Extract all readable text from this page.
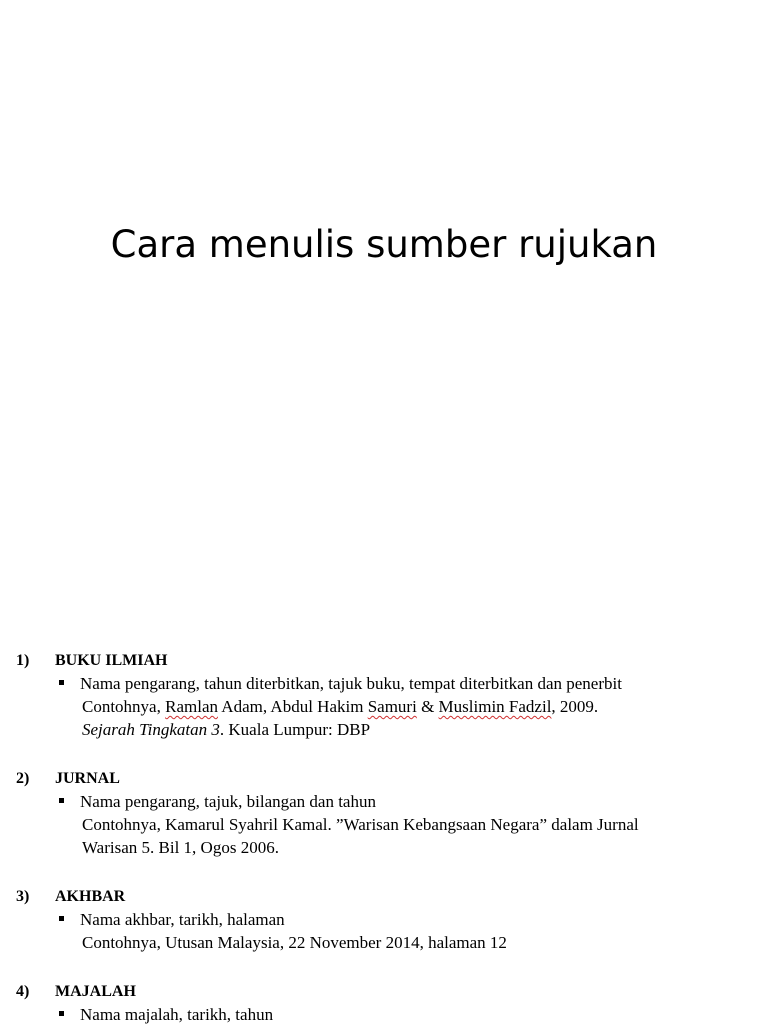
Cara menulis sumber rujukan
1) BUKU ILMIAH
Nama pengarang, tahun diterbitkan, tajuk buku, tempat diterbitkan dan penerbit
Contohnya, Ramlan Adam, Abdul Hakim Samuri & Muslimin Fadzil, 2009.
Sejarah Tingkatan 3. Kuala Lumpur: DBP
2) JURNAL
Nama pengarang, tajuk, bilangan dan tahun
Contohnya, Kamarul Syahril Kamal. ”Warisan Kebangsaan Negara” dalam Jurnal
Warisan 5. Bil 1, Ogos 2006.
3) AKHBAR
Nama akhbar, tarikh, halaman
Contohnya, Utusan Malaysia, 22 November 2014, halaman 12
4) MAJALAH
Nama majalah, tarikh, tahun
